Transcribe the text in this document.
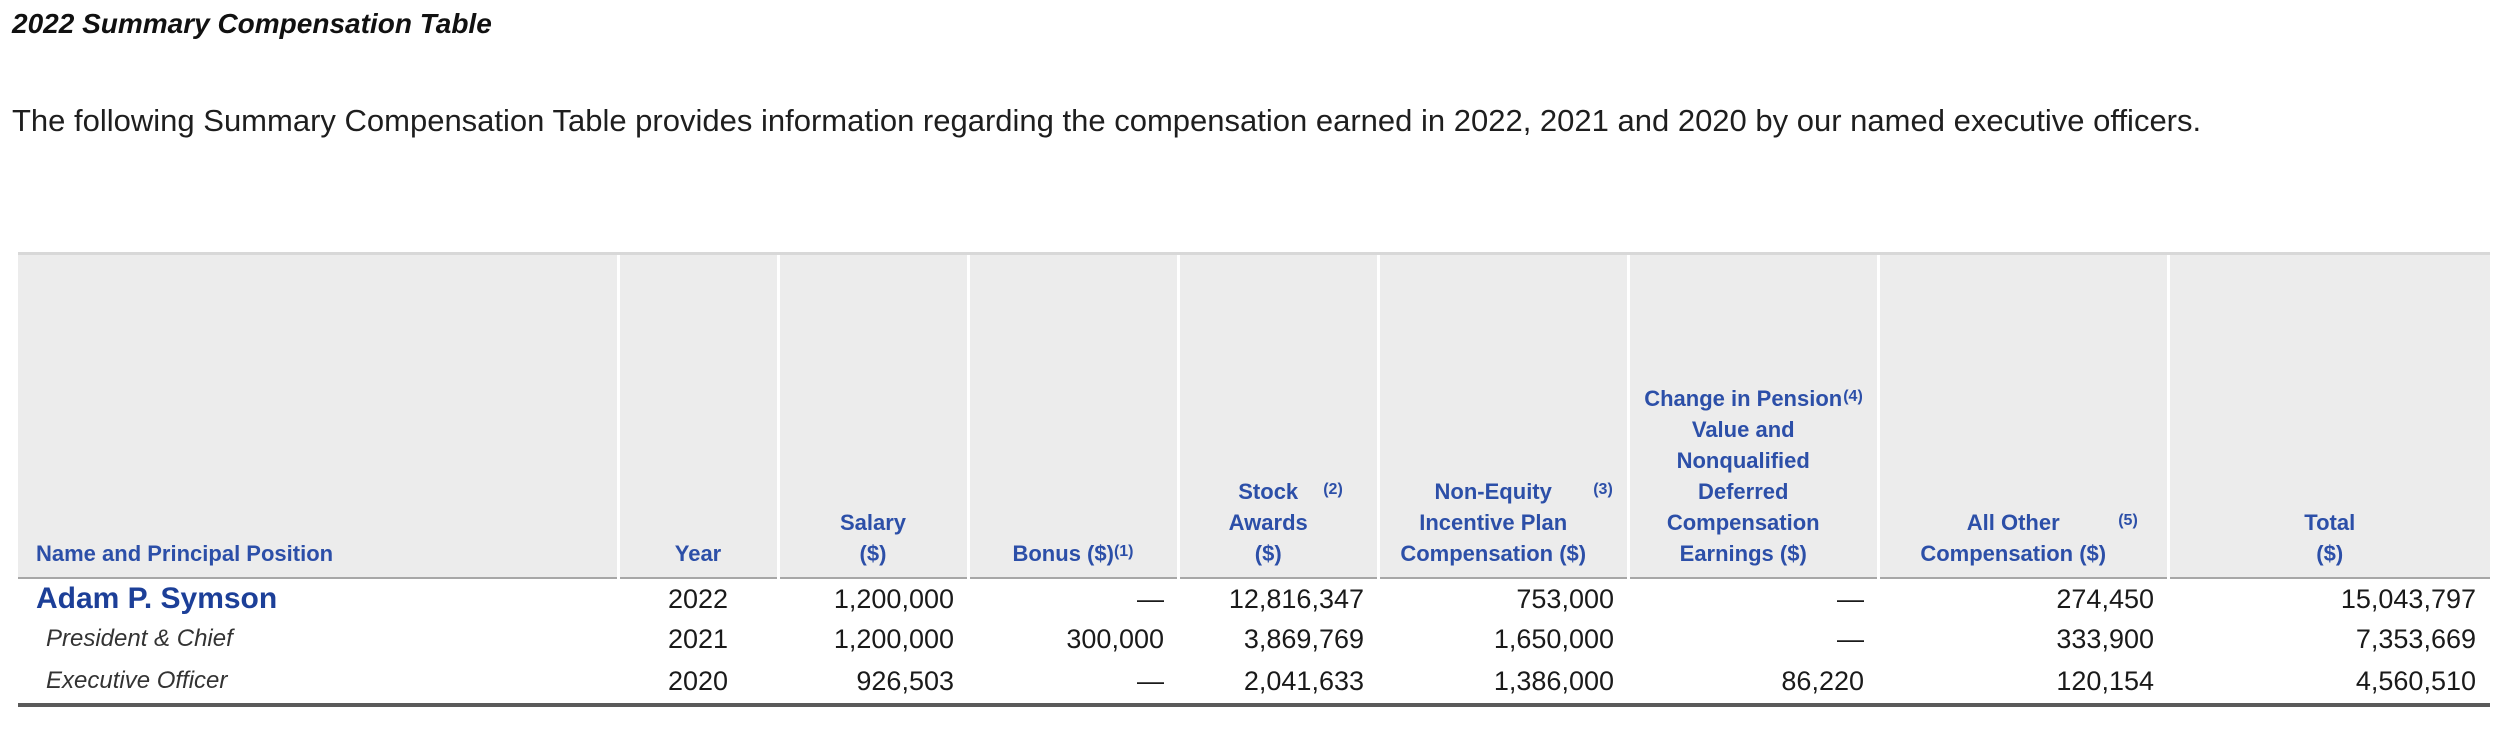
2022 Summary Compensation Table
The following Summary Compensation Table provides information regarding the compensation earned in 2022, 2021 and 2020 by our named executive officers.
Name and Principal Position	Year	Salary ($)	Bonus ($)$^{(1)}$	Stock Awards ($)$^{(2)}$	Non-Equity Incentive Plan Compensation ($)$^{(3)}$	Change in Pension Value and Nonqualified Deferred Compensation Earnings ($)$^{(4)}$	All Other Compensation ($)$^{(5)}$	Total ($)
Adam P. Symson	2022	1,200,000	—	12,816,347	753,000	—	274,450	15,043,797
President & Chief	2021	1,200,000	300,000	3,869,769	1,650,000	—	333,900	7,353,669
Executive Officer	2020	926,503	—	2,041,633	1,386,000	86,220	120,154	4,560,510
